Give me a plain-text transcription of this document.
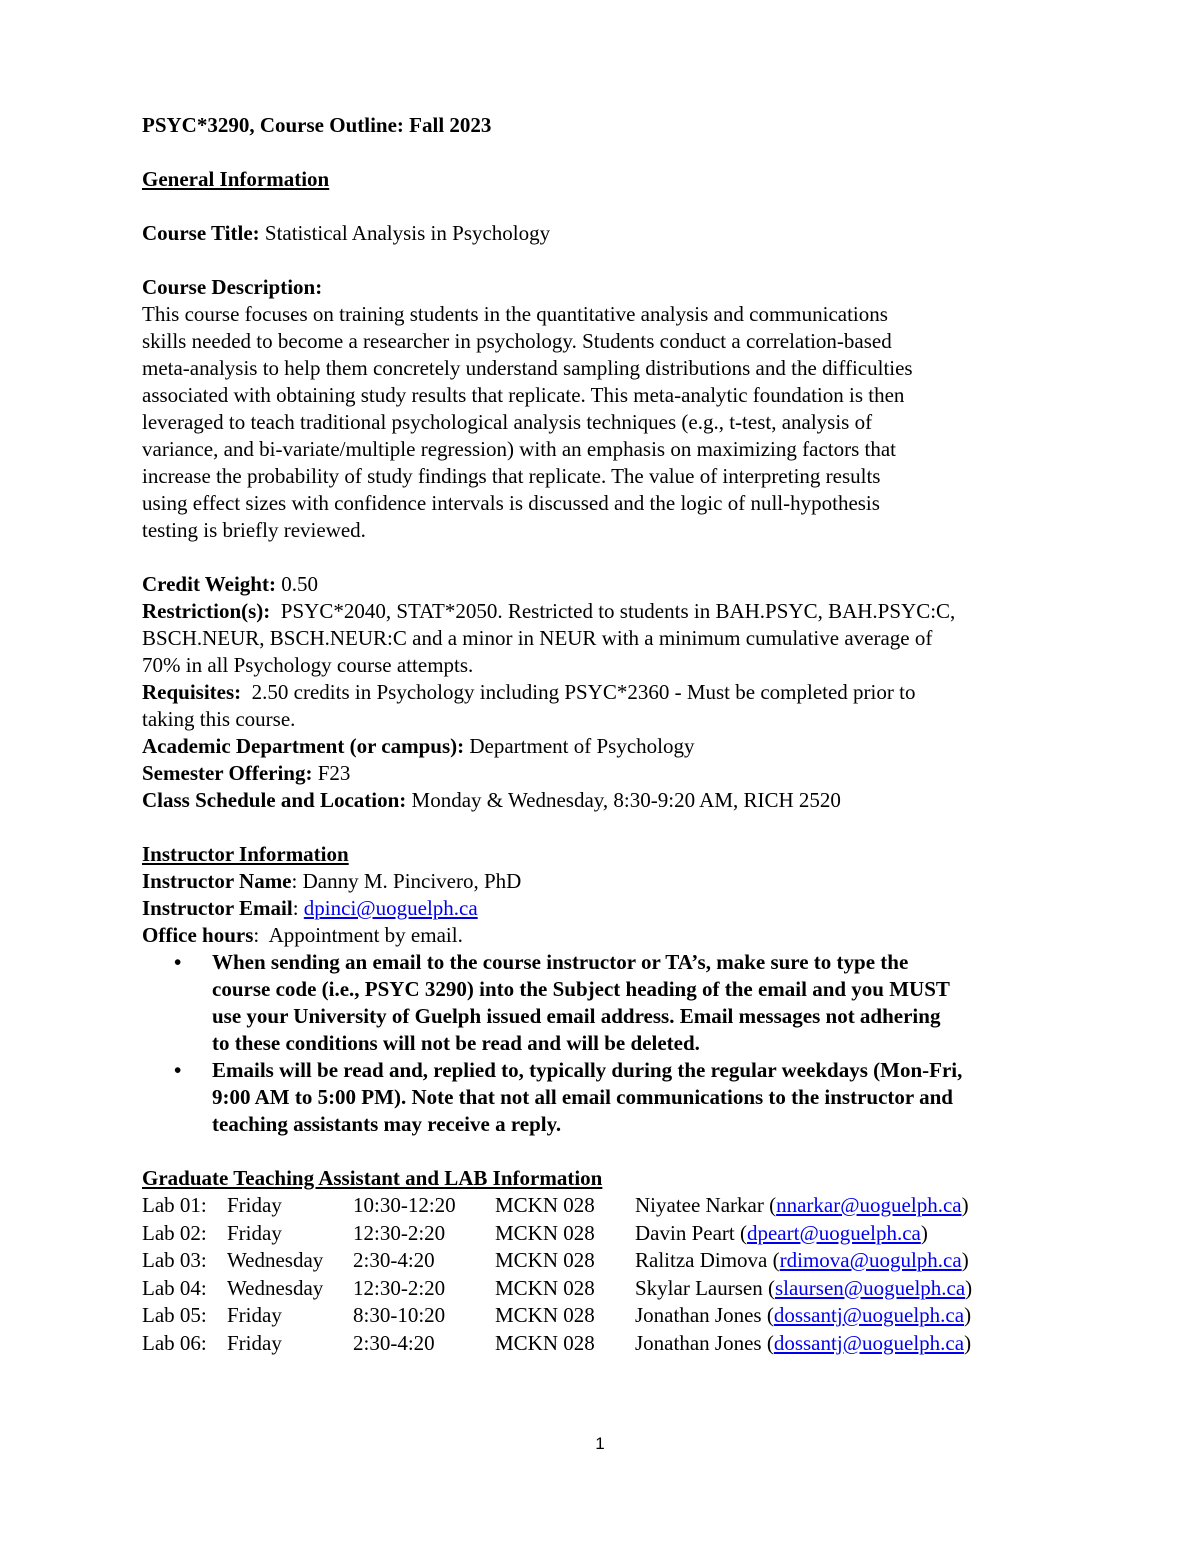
PSYC*3290, Course Outline: Fall 2023
General Information
Course Title: Statistical Analysis in Psychology
Course Description:
This course focuses on training students in the quantitative analysis and communications
skills needed to become a researcher in psychology. Students conduct a correlation-based
meta-analysis to help them concretely understand sampling distributions and the difficulties
associated with obtaining study results that replicate. This meta-analytic foundation is then
leveraged to teach traditional psychological analysis techniques (e.g., t-test, analysis of
variance, and bi-variate/multiple regression) with an emphasis on maximizing factors that
increase the probability of study findings that replicate. The value of interpreting results
using effect sizes with confidence intervals is discussed and the logic of null-hypothesis
testing is briefly reviewed.
Credit Weight: 0.50
Restriction(s): PSYC*2040, STAT*2050. Restricted to students in BAH.PSYC, BAH.PSYC:C,
BSCH.NEUR, BSCH.NEUR:C and a minor in NEUR with a minimum cumulative average of
70% in all Psychology course attempts.
Requisites: 2.50 credits in Psychology including PSYC*2360 - Must be completed prior to
taking this course.
Academic Department (or campus): Department of Psychology
Semester Offering: F23
Class Schedule and Location: Monday & Wednesday, 8:30-9:20 AM, RICH 2520
Instructor Information
Instructor Name: Danny M. Pincivero, PhD
Instructor Email: dpinci@uoguelph.ca
Office hours:  Appointment by email.
• When sending an email to the course instructor or TA’s, make sure to type the
course code (i.e., PSYC 3290) into the Subject heading of the email and you MUST
use your University of Guelph issued email address. Email messages not adhering
to these conditions will not be read and will be deleted.
• Emails will be read and, replied to, typically during the regular weekdays (Mon-Fri,
9:00 AM to 5:00 PM). Note that not all email communications to the instructor and
teaching assistants may receive a reply.
Graduate Teaching Assistant and LAB Information
Lab 01:	Friday	10:30-12:20	MCKN 028	Niyatee Narkar (nnarkar@uoguelph.ca)
Lab 02:	Friday	12:30-2:20	MCKN 028	Davin Peart (dpeart@uoguelph.ca)
Lab 03:	Wednesday	2:30-4:20	MCKN 028	Ralitza Dimova (rdimova@uogulph.ca)
Lab 04:	Wednesday	12:30-2:20	MCKN 028	Skylar Laursen (slaursen@uoguelph.ca)
Lab 05:	Friday	8:30-10:20	MCKN 028	Jonathan Jones (dossantj@uoguelph.ca)
Lab 06:	Friday	2:30-4:20	MCKN 028	Jonathan Jones (dossantj@uoguelph.ca)
1
